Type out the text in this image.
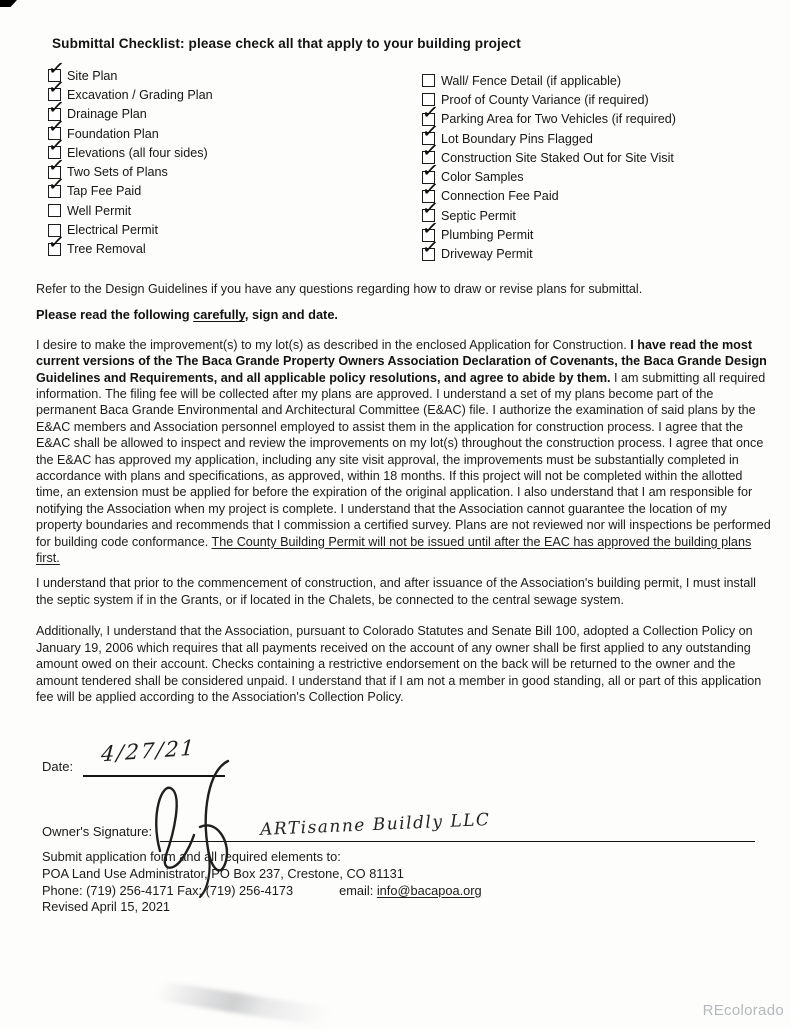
Submittal Checklist: please check all that apply to your building project
✓ Site Plan
✓ Excavation / Grading Plan
✓ Drainage Plan
✓ Foundation Plan
✓ Elevations (all four sides)
✓ Two Sets of Plans
✓ Tap Fee Paid
Well Permit
Electrical Permit
✓ Tree Removal
Wall/ Fence Detail (if applicable)
Proof of County Variance (if required)
✓ Parking Area for Two Vehicles (if required)
✓ Lot Boundary Pins Flagged
✓ Construction Site Staked Out for Site Visit
✓ Color Samples
✓ Connection Fee Paid
✓ Septic Permit
✓ Plumbing Permit
✓ Driveway Permit

Refer to the Design Guidelines if you have any questions regarding how to draw or revise plans for submittal.

Please read the following carefully, sign and date.

I desire to make the improvement(s) to my lot(s) as described in the enclosed Application for Construction. I have read the most current versions of the The Baca Grande Property Owners Association Declaration of Covenants, the Baca Grande Design Guidelines and Requirements, and all applicable policy resolutions, and agree to abide by them. I am submitting all required information. The filing fee will be collected after my plans are approved. I understand a set of my plans become part of the permanent Baca Grande Environmental and Architectural Committee (E&AC) file. I authorize the examination of said plans by the E&AC members and Association personnel employed to assist them in the application for construction process. I agree that the E&AC shall be allowed to inspect and review the improvements on my lot(s) throughout the construction process. I agree that once the E&AC has approved my application, including any site visit approval, the improvements must be substantially completed in accordance with plans and specifications, as approved, within 18 months. If this project will not be completed within the allotted time, an extension must be applied for before the expiration of the original application. I also understand that I am responsible for notifying the Association when my project is complete. I understand that the Association cannot guarantee the location of my property boundaries and recommends that I commission a certified survey. Plans are not reviewed nor will inspections be performed for building code conformance. The County Building Permit will not be issued until after the EAC has approved the building plans first.

I understand that prior to the commencement of construction, and after issuance of the Association's building permit, I must install the septic system if in the Grants, or if located in the Chalets, be connected to the central sewage system.

Additionally, I understand that the Association, pursuant to Colorado Statutes and Senate Bill 100, adopted a Collection Policy on January 19, 2006 which requires that all payments received on the account of any owner shall be first applied to any outstanding amount owed on their account. Checks containing a restrictive endorsement on the back will be returned to the owner and the amount tendered shall be considered unpaid. I understand that if I am not a member in good standing, all or part of this application fee will be applied according to the Association's Collection Policy.

Date:
4/27/21
Owner's Signature:	ARTisanne Buildly LLC
Submit application form and all required elements to:
POA Land Use Administrator, PO Box 237, Crestone, CO 81131
Phone: (719) 256-4171 Fax: (719) 256-4173	email: info@bacapoa.org
Revised April 15, 2021
REcolorado
